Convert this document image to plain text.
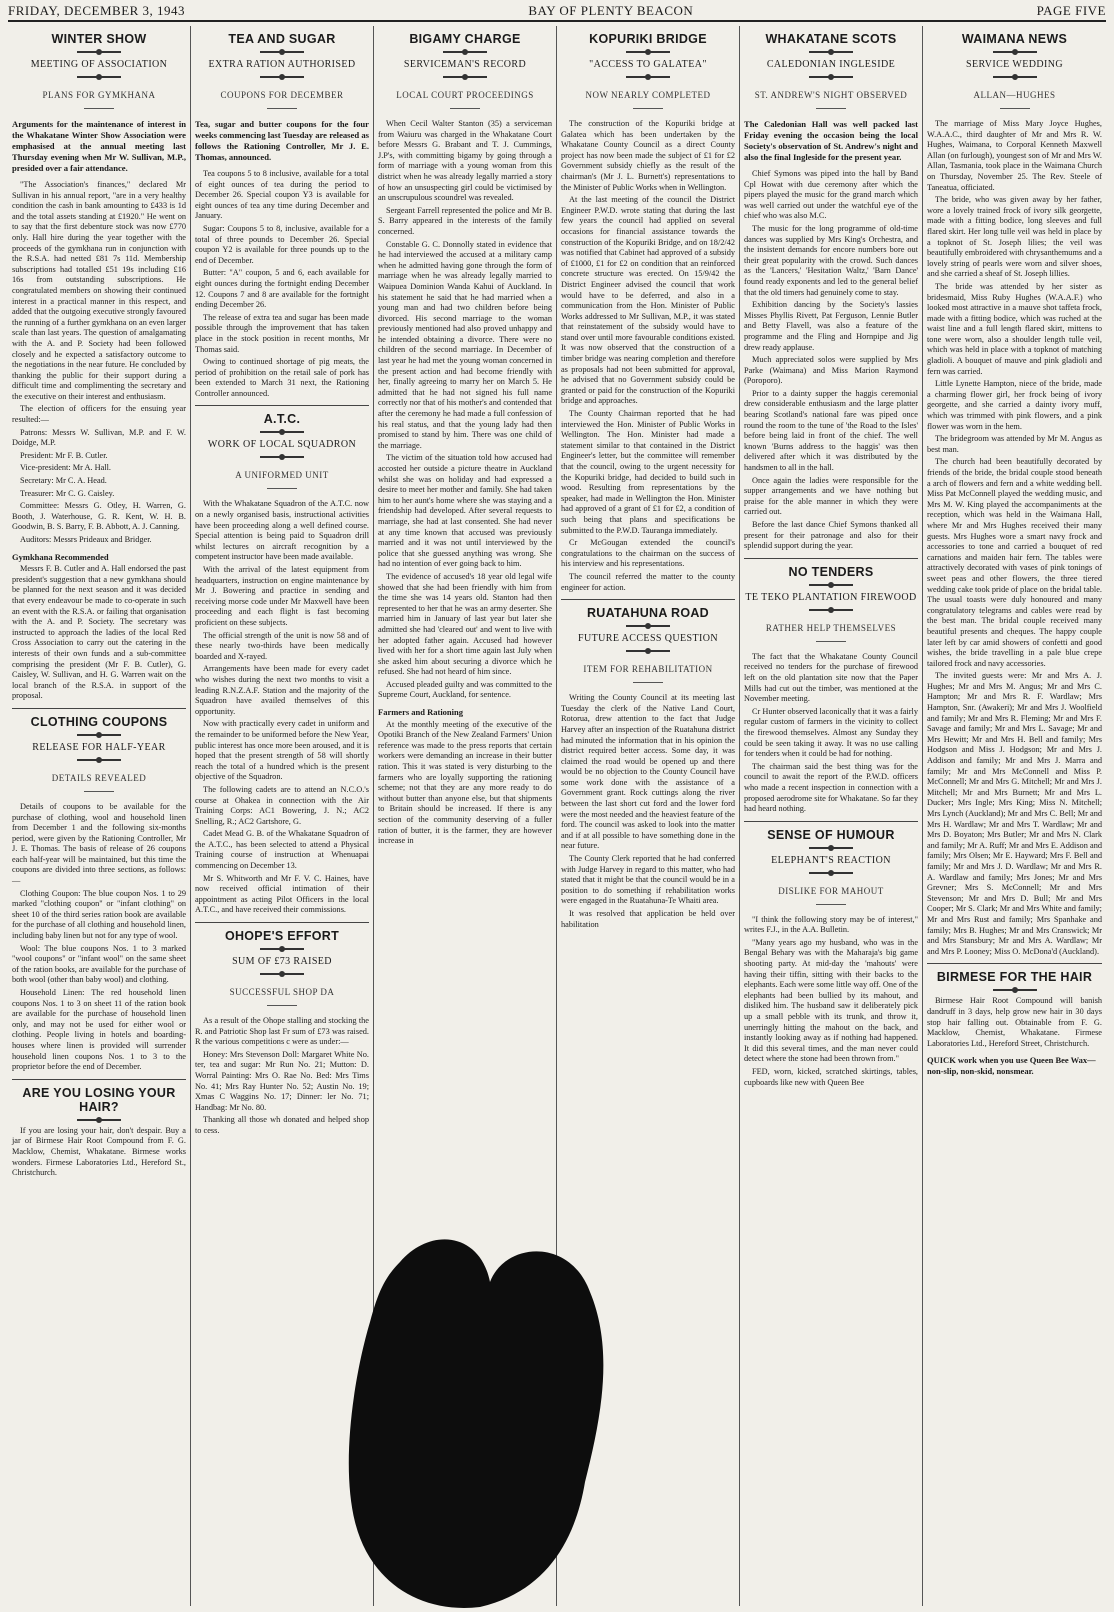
FRIDAY, DECEMBER 3, 1943	BAY OF PLENTY BEACON	PAGE FIVE
WINTER SHOW
MEETING OF ASSOCIATION
PLANS FOR GYMKHANA
Arguments for the maintenance of interest in the Whakatane Winter Show Association were emphasised at the annual meeting last Thursday evening when Mr W. Sullivan, M.P., presided over a fair attendance.

"The Association's finances," declared Mr Sullivan in his annual report, "are in a very healthy condition the cash in bank amounting to £433 is 1d and the total assets standing at £1920." He went on to say that the first debenture stock was now £770 only. Hall hire during the year together with the proceeds of the gymkhana run in conjunction with the R.S.A. had netted £81 7s 11d. Membership subscriptions had totalled £51 19s including £16 16s from outstanding subscriptions. He congratulated members on showing their continued interest in a practical manner in this respect, and added that the outgoing executive strongly favoured the running of a further gymkhana on an even larger scale than last years. The question of amalgamating with the A. and P. Society had been followed closely and he expected a satisfactory outcome to the negotiations in the near future. He concluded by thanking the public for their support during a difficult time and complimenting the secretary and the executive on their interest and enthusiasm.

The election of officers for the ensuing year resulted:—

Patrons: Messrs W. Sullivan, M.P. and F. W. Doidge, M.P.

President: Mr F. B. Cutler.

Vice-president: Mr A. Hall.

Secretary: Mr C. A. Head.

Treasurer: Mr C. G. Caisley.

Committee: Messrs G. Otley, H. Warren, G. Booth, J. Waterhouse, G. R. Kent, W. H. B. Goodwin, B. S. Barry, F. B. Abbott, A. J. Canning.

Auditors: Messrs Prideaux and Bridger.

Gymkhana Recommended

Messrs F. B. Cutler and A. Hall endorsed the past president's suggestion that a new gymkhana should be planned for the next season and it was decided that every endeavour be made to co-operate in such an event with the R.S.A. or failing that organisation with the A. and P. Society. The secretary was instructed to approach the ladies of the local Red Cross Association to carry out the catering in the interests of their own funds and a sub-committee comprising the president (Mr F. B. Cutler), G. Caisley, W. Sullivan, and H. G. Warren wait on the local branch of the R.S.A. in support of the proposal.

CLOTHING COUPONS
RELEASE FOR HALF-YEAR
DETAILS REVEALED

Details of coupons to be available for the purchase of clothing, wool and household linen from December 1 and the following six-months period, were given by the Rationing Controller, Mr J. E. Thomas. The basis of release of 26 coupons each half-year will be maintained, but this time the coupons are divided into three sections, as follows:—

Clothing Coupon: The blue coupon Nos. 1 to 29 marked "clothing coupon" or "infant clothing" on sheet 10 of the third series ration book are available for the purchase of all clothing and household linen, including baby linen but not for any type of wool.

Wool: The blue coupons Nos. 1 to 3 marked "wool coupons" or "infant wool" on the same sheet of the ration books, are available for the purchase of both wool (other than baby wool) and clothing.

Household Linen: The red household linen coupons Nos. 1 to 3 on sheet 11 of the ration book are available for the purchase of household linen only, and may not be used for either wool or clothing. People living in hotels and boarding-houses where linen is provided will surrender household linen coupons Nos. 1 to 3 to the proprietor before the end of December.

ARE YOU LOSING YOUR HAIR?

If you are losing your hair, don't despair. Buy a jar of Birmese Hair Root Compound from F. G. Macklow, Chemist, Whakatane. Birmese works wonders. Firmese Laboratories Ltd., Hereford St., Christchurch.

TEA AND SUGAR
EXTRA RATION AUTHORISED
COUPONS FOR DECEMBER
Tea, sugar and butter coupons for the four weeks commencing last Tuesday are released as follows the Rationing Controller, Mr J. E. Thomas, announced.

Tea coupons 5 to 8 inclusive, available for a total of eight ounces of tea during the period to December 26. Special coupon Y3 is available for eight ounces of tea any time during December and January.

Sugar: Coupons 5 to 8, inclusive, available for a total of three pounds to December 26. Special coupon Y2 is available for three pounds up to the end of December.

Butter: "A" coupon, 5 and 6, each available for eight ounces during the fortnight ending December 12. Coupons 7 and 8 are available for the fortnight ending December 26.

The release of extra tea and sugar has been made possible through the improvement that has taken place in the stock position in recent months, Mr Thomas said.

Owing to continued shortage of pig meats, the period of prohibition on the retail sale of pork has been extended to March 31 next, the Rationing Controller announced.

A.T.C.
WORK OF LOCAL SQUADRON
A UNIFORMED UNIT

With the Whakatane Squadron of the A.T.C. now on a newly organised basis, instructional activities have been proceeding along a well defined course. Special attention is being paid to Squadron drill whilst lectures on aircraft recognition by a competent instructor have been made available.

With the arrival of the latest equipment from headquarters, instruction on engine maintenance by Mr J. Bowering and practice in sending and receiving morse code under Mr Maxwell have been proceeding and each flight is fast becoming proficient on these subjects.

The official strength of the unit is now 58 and of these nearly two-thirds have been medically boarded and X-rayed.

Arrangements have been made for every cadet who wishes during the next two months to visit a leading R.N.Z.A.F. Station and the majority of the Squadron have availed themselves of this opportunity.

Now with practically every cadet in uniform and the remainder to be uniformed before the New Year, public interest has once more been aroused, and it is hoped that the present strength of 58 will shortly reach the total of a hundred which is the present objective of the Squadron.

The following cadets are to attend an N.C.O.'s course at Ohakea in connection with the Air Training Corps: AC1 Bowering, J. N.; AC2 Snelling, R.; AC2 Gartshore, G.

Cadet Mead G. B. of the Whakatane Squadron of the A.T.C., has been selected to attend a Physical Training course of instruction at Whenuapai commencing on December 13.

Mr S. Whitworth and Mr F. V. C. Haines, have now received official intimation of their appointment as acting Pilot Officers in the local A.T.C., and have received their commissions.

OHOPE'S EFFORT
SUM OF £73 RAISED
SUCCESSFUL SHOP DA

As a result of the Ohope stalling and stocking the R. and Patriotic Shop last Fr sum of £73 was raised. R the various competitions c were as under:—

Honey: Mrs Stevenson Doll: Margaret White No. ter, tea and sugar: Mr Run No. 21; Mutton: D. Worral Painting: Mrs O. Rae No. Bed: Mrs Tims No. 41; Mrs Ray Hunter No. 52; Austin No. 19; Xmas C Waggins No. 17; Dinner: ler No. 71; Handbag: Mr No. 80.

Thanking all those wh donated and helped shop to cess.

BIGAMY CHARGE
SERVICEMAN'S RECORD
LOCAL COURT PROCEEDINGS

When Cecil Walter Stanton (35) a serviceman from Waiuru was charged in the Whakatane Court before Messrs G. Brabant and T. J. Cummings, J.P's, with committing bigamy by going through a form of marriage with a young woman from this district when he was already legally married a story of how an unsuspecting girl could be victimised by an unscrupulous scoundrel was revealed.

Sergeant Farrell represented the police and Mr B. S. Barry appeared in the interests of the family concerned.

Constable G. C. Donnolly stated in evidence that he had interviewed the accused at a military camp when he admitted having gone through the form of marriage when he was already legally married to Waipuea Dominion Wanda Kahui of Auckland. In his statement he said that he had married when a young man and had two children before being divorced. His second marriage to the woman previously mentioned had also proved unhappy and he intended obtaining a divorce. There were no children of the second marriage. In December of last year he had met the young woman concerned in the present action and had become friendly with her, finally agreeing to marry her on March 5. He admitted that he had not signed his full name correctly nor that of his mother's and contended that after the ceremony he had made a full confession of his real status, and that the young lady had then promised to stand by him. There was one child of the marriage.

The victim of the situation told how accused had accosted her outside a picture theatre in Auckland whilst she was on holiday and had expressed a desire to meet her mother and family. She had taken him to her aunt's home where she was staying and a friendship had developed. After several requests to marriage, she had at last consented. She had never at any time known that accused was previously married and it was not until interviewed by the police that she guessed anything was wrong. She had no intention of ever going back to him.

The evidence of accused's 18 year old legal wife showed that she had been friendly with him from the time she was 14 years old. Stanton had then represented to her that he was an army deserter. She married him in January of last year but later she admitted she had 'cleared out' and went to live with her adopted father again. Accused had however lived with her for a short time again last July when she asked him about securing a divorce which he refused. She had not heard of him since.

Accused pleaded guilty and was committed to the Supreme Court, Auckland, for sentence.

Farmers and Rationing

At the monthly meeting of the executive of the Opotiki Branch of the New Zealand Farmers' Union reference was made to the press reports that certain workers were demanding an increase in their butter ration. This it was stated is very disturbing to the farmers who are loyally supporting the rationing scheme; not that they are any more ready to do without butter than anyone else, but that shipments to Britain should be increased. If there is any section of the community deserving of a fuller ration of butter, it is the farmer, they are however increase in

KOPURIKI BRIDGE
"ACCESS TO GALATEA"
NOW NEARLY COMPLETED

The construction of the Kopuriki bridge at Galatea which has been undertaken by the Whakatane County Council as a direct County project has now been made the subject of £1 for £2 Government subsidy chiefly as the result of the chairman's (Mr J. L. Burnett's) representations to the Minister of Public Works when in Wellington.

At the last meeting of the council the District Engineer P.W.D. wrote stating that during the last few years the council had applied on several occasions for financial assistance towards the construction of the Kopuriki Bridge, and on 18/2/42 was notified that Cabinet had approved of a subsidy of £1000, £1 for £2 on condition that an reinforced concrete structure was erected. On 15/9/42 the District Engineer advised the council that work would have to be deferred, and also in a communication from the Hon. Minister of Public Works addressed to Mr Sullivan, M.P., it was stated that reinstatement of the subsidy would have to stand over until more favourable conditions existed. It was now observed that the construction of a timber bridge was nearing completion and therefore as proposals had not been submitted for approval, he advised that no Government subsidy could be granted or paid for the construction of the Kopuriki bridge and approaches.

The County Chairman reported that he had interviewed the Hon. Minister of Public Works in Wellington. The Hon. Minister had made a statement similar to that contained in the District Engineer's letter, but the committee will remember that the council, owing to the urgent necessity for the Kopuriki bridge, had decided to build such in wood. Resulting from representations by the speaker, had made in Wellington the Hon. Minister had approved of a grant of £1 for £2, a condition of such being that plans and specifications be submitted to the P.W.D. Tauranga immediately.

Cr McGougan extended the council's congratulations to the chairman on the success of his interview and his representations.

The council referred the matter to the county engineer for action.

RUATAHUNA ROAD
FUTURE ACCESS QUESTION
ITEM FOR REHABILITATION

Writing the County Council at its meeting last Tuesday the clerk of the Native Land Court, Rotorua, drew attention to the fact that Judge Harvey after an inspection of the Ruatahuna district had minuted the information that in his opinion the district required better access. Some day, it was claimed the road would be opened up and there would be no objection to the County Council have some work done with the assistance of a Government grant. Rock cuttings along the river between the last short cut ford and the lower ford were the most needed and the heaviest feature of the ford. The council was asked to look into the matter and if at all possible to have something done in the near future.

The County Clerk reported that he had conferred with Judge Harvey in regard to this matter, who had stated that it might be that the council would be in a position to do something if rehabilitation works were engaged in the Ruatahuna-Te Whaiti area.

It was resolved that application be held over habilitation

WHAKATANE SCOTS
CALEDONIAN INGLESIDE
ST. ANDREW'S NIGHT OBSERVED
The Caledonian Hall was well packed last Friday evening the occasion being the local Society's observation of St. Andrew's night and also the final Ingleside for the present year.

Chief Symons was piped into the hall by Band Cpl Howat with due ceremony after which the pipers played the music for the grand march which was well carried out under the watchful eye of the chief who was also M.C.

The music for the long programme of old-time dances was supplied by Mrs King's Orchestra, and the insistent demands for encore numbers bore out their great popularity with the crowd. Such dances as the 'Lancers,' 'Hesitation Waltz,' 'Barn Dance' found ready exponents and led to the general belief that the old timers had genuinely come to stay.

Exhibition dancing by the Society's lassies Misses Phyllis Rivett, Pat Ferguson, Lennie Butler and Betty Flavell, was also a feature of the programme and the Fling and Hornpipe and Jig drew ready applause.

Much appreciated solos were supplied by Mrs Parke (Waimana) and Miss Marion Raymond (Poroporo).

Prior to a dainty supper the haggis ceremonial drew considerable enthusiasm and the large platter bearing Scotland's national fare was piped once round the room to the tune of 'the Road to the Isles' before being laid in front of the chief. The well known 'Burns address to the haggis' was then delivered after which it was distributed by the handsmen to all in the hall.

Once again the ladies were responsible for the supper arrangements and we have nothing but praise for the able manner in which they were carried out.

Before the last dance Chief Symons thanked all present for their patronage and also for their splendid support during the year.

NO TENDERS
TE TEKO PLANTATION FIREWOOD
RATHER HELP THEMSELVES

The fact that the Whakatane County Council received no tenders for the purchase of firewood left on the old plantation site now that the Paper Mills had cut out the timber, was mentioned at the November meeting.

Cr Hunter observed laconically that it was a fairly regular custom of farmers in the vicinity to collect the firewood themselves. Almost any Sunday they could be seen taking it away. It was no use calling for tenders when it could be had for nothing.

The chairman said the best thing was for the council to await the report of the P.W.D. officers who made a recent inspection in connection with a proposed aerodrome site for Whakatane. So far they had heard nothing.

SENSE OF HUMOUR
ELEPHANT'S REACTION
DISLIKE FOR MAHOUT

"I think the following story may be of interest," writes F.J., in the A.A. Bulletin.

"Many years ago my husband, who was in the Bengal Behary was with the Maharaja's big game shooting party. At mid-day the 'mahouts' were having their tiffin, sitting with their backs to the elephants. Each were some little way off. One of the elephants had been bullied by its mahout, and disliked him. The husband saw it deliberately pick up a small pebble with its trunk, and throw it, unerringly hitting the mahout on the back, and instantly looking away as if nothing had happened. It did this several times, and the man never could detect where the stone had been thrown from."

FED, worn, kicked, scratched skirtings, tables, cupboards like new with Queen Bee

WAIMANA NEWS
SERVICE WEDDING
ALLAN—HUGHES

The marriage of Miss Mary Joyce Hughes, W.A.A.C., third daughter of Mr and Mrs R. W. Hughes, Waimana, to Corporal Kenneth Maxwell Allan (on furlough), youngest son of Mr and Mrs W. Allan, Tasmania, took place in the Waimana Church on Thursday, November 25. The Rev. Steele of Taneatua, officiated.

The bride, who was given away by her father, wore a lovely trained frock of ivory silk georgette, made with a fitting bodice, long sleeves and full flared skirt. Her long tulle veil was held in place by a topknot of St. Joseph lilies; the veil was beautifully embroidered with chrysanthemums and a lovely string of pearls were worn and silver shoes, and she carried a sheaf of St. Joseph lillies.

The bride was attended by her sister as bridesmaid, Miss Ruby Hughes (W.A.A.F.) who looked most attractive in a mauve shot taffeta frock, made with a fitting bodice, which was ruched at the waist line and a full length flared skirt, mittens to tone were worn, also a shoulder length tulle veil, which was held in place with a topknot of matching gladioli. A bouquet of mauve and pink gladioli and fern was carried.

Little Lynette Hampton, niece of the bride, made a charming flower girl, her frock being of ivory georgette, and she carried a dainty ivory muff, which was trimmed with pink flowers, and a pink flower was worn in the hem.

The bridegroom was attended by Mr M. Angus as best man.

The church had been beautifully decorated by friends of the bride, the bridal couple stood beneath a arch of flowers and fern and a white wedding bell. Miss Pat McConnell played the wedding music, and Mrs M. W. King played the accompaniments at the reception, which was held in the Waimana Hall, where Mr and Mrs Hughes received their many guests. Mrs Hughes wore a smart navy frock and accessories to tone and carried a bouquet of red carnations and maiden hair fern. The tables were attractively decorated with vases of pink tonings of sweet peas and other flowers, the three tiered wedding cake took pride of place on the bridal table. The usual toasts were duly honoured and many congratulatory telegrams and cables were read by the best man. The bridal couple received many beautiful presents and cheques. The happy couple later left by car amid showers of confetti and good wishes, the bride travelling in a pale blue crepe tailored frock and navy accessories.

The invited guests were: Mr and Mrs A. J. Hughes; Mr and Mrs M. Angus; Mr and Mrs C. Hampton; Mr and Mrs R. F. Wardlaw; Mrs Hampton, Snr. (Awakeri); Mr and Mrs J. Woolfield and family; Mr and Mrs R. Fleming; Mr and Mrs F. Savage and family; Mr and Mrs L. Savage; Mr and Mrs Hewitt; Mr and Mrs H. Bell and family; Mrs Hodgson and Miss J. Hodgson; Mr and Mrs J. Addison and family; Mr and Mrs J. Marra and family; Mr and Mrs McConnell and Miss P. McConnell; Mr and Mrs G. Mitchell; Mr and Mrs J. Mitchell; Mr and Mrs Burnett; Mr and Mrs L. Ducker; Mrs Ingle; Mrs King; Miss N. Mitchell; Mrs Lynch (Auckland); Mr and Mrs C. Bell; Mr and Mrs H. Wardlaw; Mr and Mrs T. Wardlaw; Mr and Mrs D. Boyaton; Mrs Butler; Mr and Mrs N. Clark and family; Mr A. Ruff; Mr and Mrs E. Addison and family; Mrs Olsen; Mr E. Hayward; Mrs F. Bell and family; Mr and Mrs J. D. Wardlaw; Mr and Mrs R. A. Wardlaw and family; Mrs Jones; Mr and Mrs Grevner; Mrs S. McConnell; Mr and Mrs Stevenson; Mr and Mrs D. Bull; Mr and Mrs Cooper; Mr S. Clark; Mr and Mrs White and family; Mr and Mrs Rust and family; Mrs Spanhake and family; Mrs B. Hughes; Mr and Mrs Cranswick; Mr and Mrs Stansbury; Mr and Mrs A. Wardlaw; Mr and Mrs P. Looney; Miss O. McDona'd (Auckland).

BIRMESE FOR THE HAIR

Birmese Hair Root Compound will banish dandruff in 3 days, help grow new hair in 30 days stop hair falling out. Obtainable from F. G. Macklow, Chemist, Whakatane. Firmese Laboratories Ltd., Hereford Street, Christchurch.

QUICK work when you use Queen Bee Wax—non-slip, non-skid, nonsmear.
